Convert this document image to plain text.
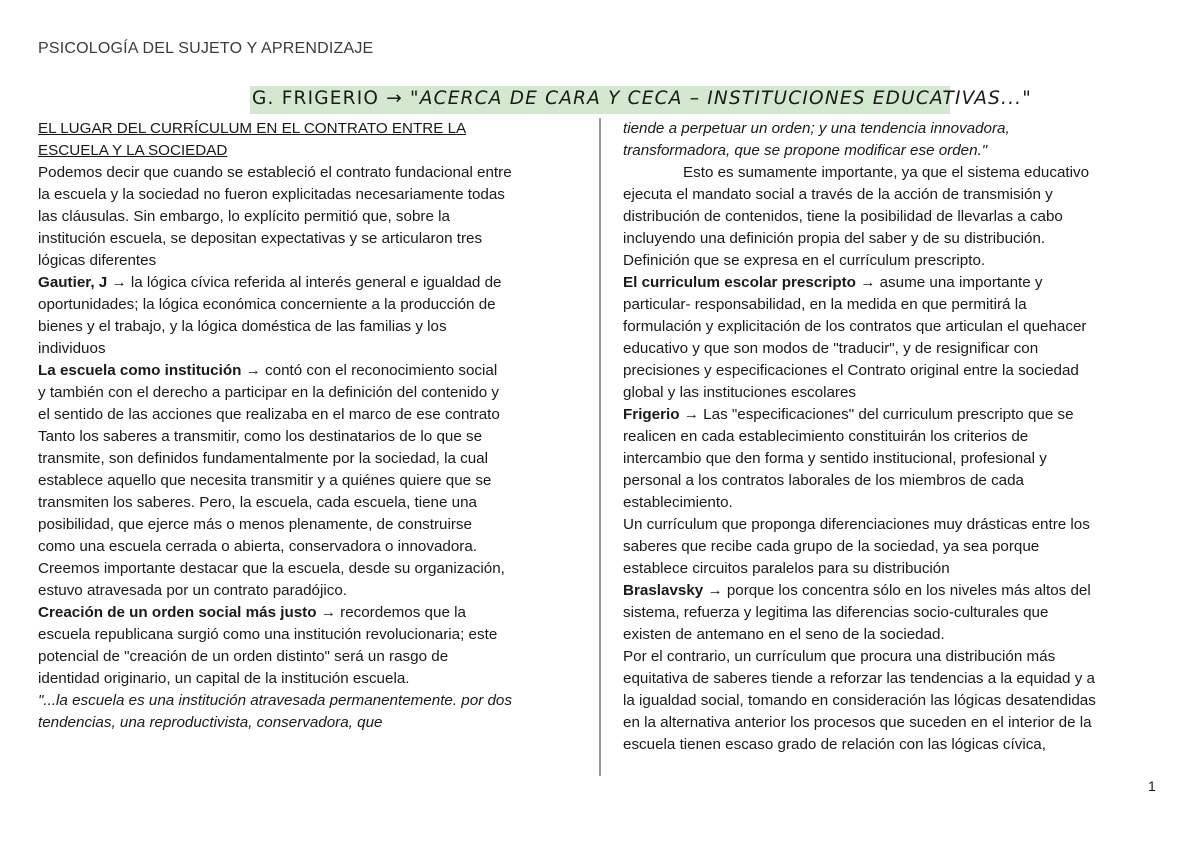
PSICOLOGÍA DEL SUJETO Y APRENDIZAJE
G. FRIGERIO → "ACERCA DE CARA Y CECA – INSTITUCIONES EDUCATIVAS..."
EL LUGAR DEL CURRÍCULUM EN EL CONTRATO ENTRE LA
ESCUELA Y LA SOCIEDAD
Podemos decir que cuando se estableció el contrato fundacional entre
la escuela y la sociedad no fueron explicitadas necesariamente todas
las cláusulas. Sin embargo, lo explícito permitió que, sobre la
institución escuela, se depositan expectativas y se articularon tres
lógicas diferentes
Gautier, J → la lógica cívica referida al interés general e igualdad de
oportunidades; la lógica económica concerniente a la producción de
bienes y el trabajo, y la lógica doméstica de las familias y los
individuos
La escuela como institución → contó con el reconocimiento social
y también con el derecho a participar en la definición del contenido y
el sentido de las acciones que realizaba en el marco de ese contrato
Tanto los saberes a transmitir, como los destinatarios de lo que se
transmite, son definidos fundamentalmente por la sociedad, la cual
establece aquello que necesita transmitir y a quiénes quiere que se
transmiten los saberes. Pero, la escuela, cada escuela, tiene una
posibilidad, que ejerce más o menos plenamente, de construirse
como una escuela cerrada o abierta, conservadora o innovadora.
Creemos importante destacar que la escuela, desde su organización,
estuvo atravesada por un contrato paradójico.
Creación de un orden social más justo → recordemos que la
escuela republicana surgió como una institución revolucionaria; este
potencial de "creación de un orden distinto" será un rasgo de
identidad originario, un capital de la institución escuela.
"...la escuela es una institución atravesada permanentemente. por dos
tendencias, una reproductivista, conservadora, que
tiende a perpetuar un orden; y una tendencia innovadora,
transformadora, que se propone modificar ese orden."
Esto es sumamente importante, ya que el sistema educativo
ejecuta el mandato social a través de la acción de transmisión y
distribución de contenidos, tiene la posibilidad de llevarlas a cabo
incluyendo una definición propia del saber y de su distribución.
Definición que se expresa en el currículum prescripto.
El curriculum escolar prescripto → asume una importante y
particular- responsabilidad, en la medida en que permitirá la
formulación y explicitación de los contratos que articulan el quehacer
educativo y que son modos de "traducir", y de resignificar con
precisiones y especificaciones el Contrato original entre la sociedad
global y las instituciones escolares
Frigerio → Las "especificaciones" del curriculum prescripto que se
realicen en cada establecimiento constituirán los criterios de
intercambio que den forma y sentido institucional, profesional y
personal a los contratos laborales de los miembros de cada
establecimiento.
Un currículum que proponga diferenciaciones muy drásticas entre los
saberes que recibe cada grupo de la sociedad, ya sea porque
establece circuitos paralelos para su distribución
Braslavsky → porque los concentra sólo en los niveles más altos del
sistema, refuerza y legitima las diferencias socio-culturales que
existen de antemano en el seno de la sociedad.
Por el contrario, un currículum que procura una distribución más
equitativa de saberes tiende a reforzar las tendencias a la equidad y a
la igualdad social, tomando en consideración las lógicas desatendidas
en la alternativa anterior los procesos que suceden en el interior de la
escuela tienen escaso grado de relación con las lógicas cívica,
1
